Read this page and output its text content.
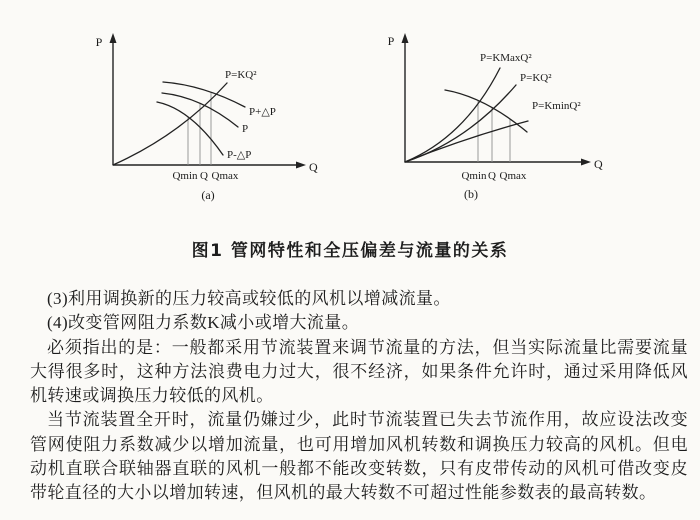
P
Q
P=KQ²
P+△P
P
P-△P
Qmin Q Qmax
(a)
P
Q
P=KMaxQ²
P=KQ²
P=KminQ²
Qmin Q Qmax
(b)
图1 管网特性和全压偏差与流量的关系

(3)利用调换新的压力较高或较低的风机以增减流量。

(4)改变管网阻力系数K减小或增大流量。

必须指出的是：一般都采用节流装置来调节流量的方法，但当实际流量比需要流量大得很多时，这种方法浪费电力过大，很不经济，如果条件允许时，通过采用降低风机转速或调换压力较低的风机。

当节流装置全开时，流量仍嫌过少，此时节流装置已失去节流作用，故应设法改变管网使阻力系数减少以增加流量，也可用增加风机转数和调换压力较高的风机。但电动机直联合联轴器直联的风机一般都不能改变转数，只有皮带传动的风机可借改变皮带轮直径的大小以增加转速，但风机的最大转数不可超过性能参数表的最高转数。
